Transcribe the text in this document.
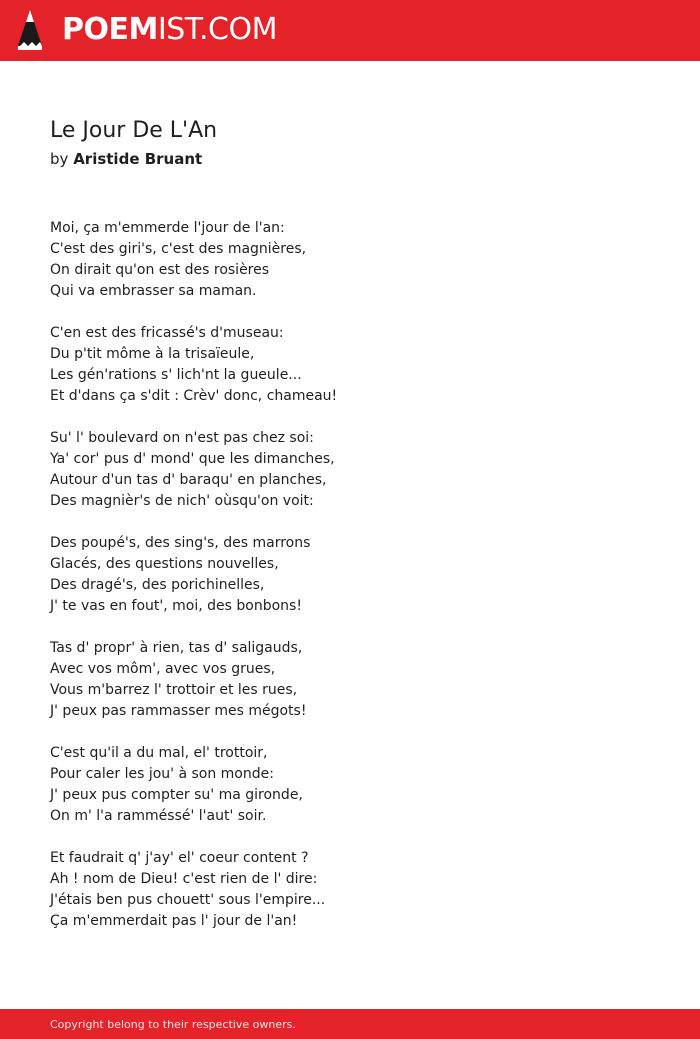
POEMIST.COM
Le Jour De L'An
by Aristide Bruant
Moi, ça m'emmerde l'jour de l'an:
C'est des giri's, c'est des magnières,
On dirait qu'on est des rosières
Qui va embrasser sa maman.
C'en est des fricassé's d'museau:
Du p'tit môme à la trisaïeule,
Les gén'rations s' lich'nt la gueule...
Et d'dans ça s'dit : Crèv' donc, chameau!
Su' l' boulevard on n'est pas chez soi:
Ya' cor' pus d' mond' que les dimanches,
Autour d'un tas d' baraqu' en planches,
Des magnièr's de nich' oùsqu'on voit:
Des poupé's, des sing's, des marrons
Glacés, des questions nouvelles,
Des dragé's, des porichinelles,
J' te vas en fout', moi, des bonbons!
Tas d' propr' à rien, tas d' saligauds,
Avec vos môm', avec vos grues,
Vous m'barrez l' trottoir et les rues,
J' peux pas rammasser mes mégots!
C'est qu'il a du mal, el' trottoir,
Pour caler les jou' à son monde:
J' peux pus compter su' ma gironde,
On m' l'a ramméssé' l'aut' soir.
Et faudrait q' j'ay' el' coeur content ?
Ah ! nom de Dieu! c'est rien de l' dire:
J'étais ben pus chouett' sous l'empire...
Ça m'emmerdait pas l' jour de l'an!
Copyright belong to their respective owners.
